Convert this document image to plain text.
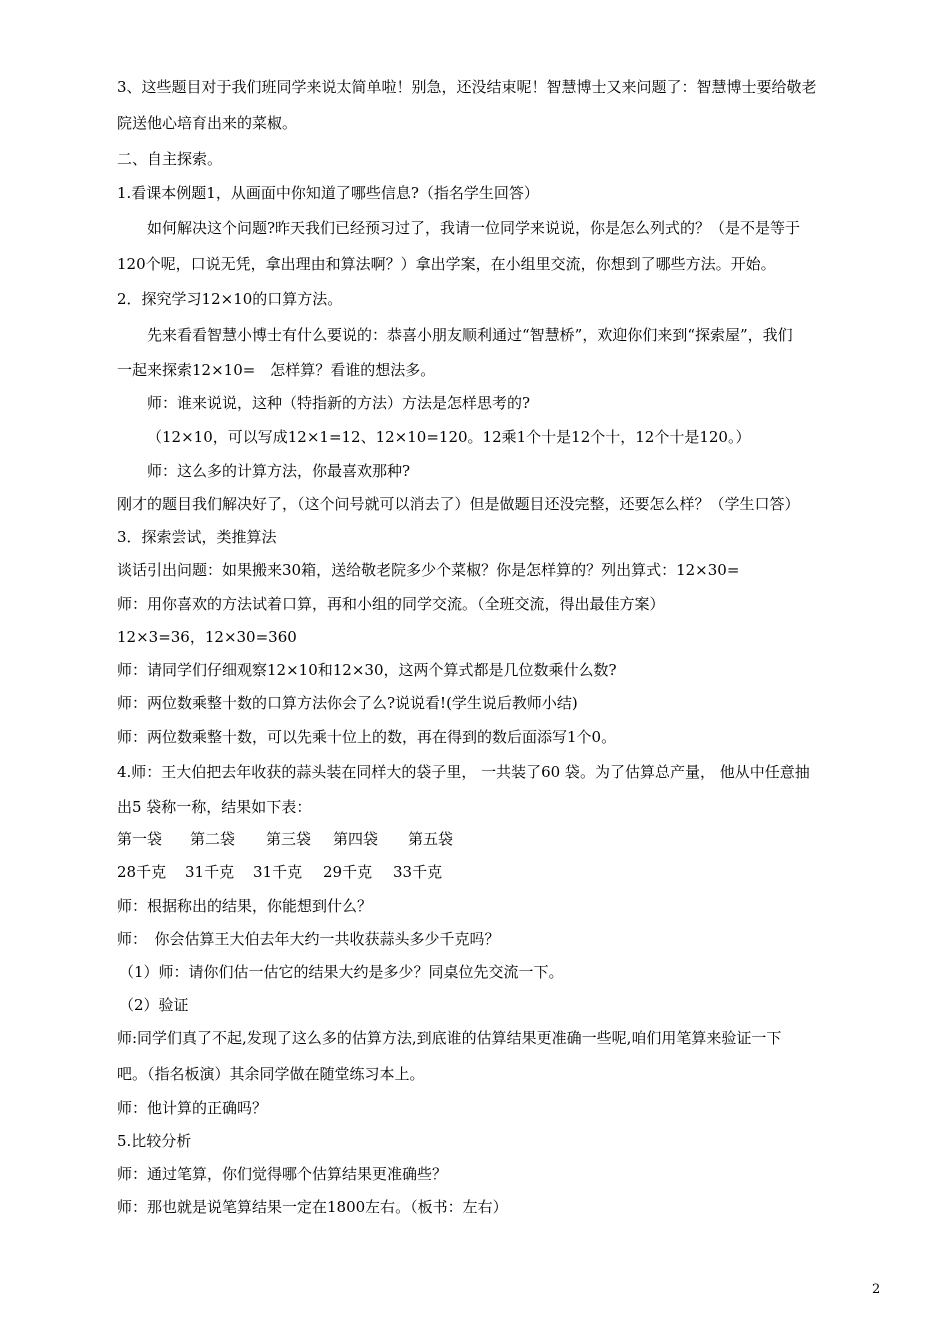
3、这些题目对于我们班同学来说太简单啦！别急，还没结束呢！智慧博士又来问题了：智慧博士要给敬老
院送他心培育出来的菜椒。
二、自主探索。
1.看课本例题1，从画面中你知道了哪些信息?（指名学生回答）
如何解决这个问题?昨天我们已经预习过了，我请一位同学来说说，你是怎么列式的？（是不是等于
120个呢，口说无凭，拿出理由和算法啊？）拿出学案，在小组里交流，你想到了哪些方法。开始。
2．探究学习12×10的口算方法。
先来看看智慧小博士有什么要说的：恭喜小朋友顺利通过“智慧桥”，欢迎你们来到“探索屋”，我们
一起来探索12×10=　怎样算？看谁的想法多。
师：谁来说说，这种（特指新的方法）方法是怎样思考的?
（12×10，可以写成12×1=12、12×10=120。12乘1个十是12个十，12个十是120。）
师：这么多的计算方法，你最喜欢那种?
刚才的题目我们解决好了，（这个问号就可以消去了）但是做题目还没完整，还要怎么样？（学生口答）
3．探索尝试，类推算法
谈话引出问题：如果搬来30箱，送给敬老院多少个菜椒？你是怎样算的？列出算式：12×30=
师：用你喜欢的方法试着口算，再和小组的同学交流。（全班交流，得出最佳方案）
12×3=36，12×30=360
师：请同学们仔细观察12×10和12×30，这两个算式都是几位数乘什么数?
师：两位数乘整十数的口算方法你会了么?说说看!(学生说后教师小结)
师：两位数乘整十数，可以先乘十位上的数，再在得到的数后面添写1个0。
4.师：王大伯把去年收获的蒜头装在同样大的袋子里， 一共装了60 袋。为了估算总产量， 他从中任意抽
出5 袋称一称，结果如下表：
第一袋 第二袋 第三袋 第四袋 第五袋
28千克 31千克 31千克 29千克 33千克
师：根据称出的结果，你能想到什么？
师：　你会估算王大伯去年大约一共收获蒜头多少千克吗？
（1）师：请你们估一估它的结果大约是多少？同桌位先交流一下。
（2）验证
师:同学们真了不起,发现了这么多的估算方法,到底谁的估算结果更准确一些呢,咱们用笔算来验证一下
吧。（指名板演）其余同学做在随堂练习本上。
师：他计算的正确吗？
5.比较分析
师：通过笔算，你们觉得哪个估算结果更准确些？
师：那也就是说笔算结果一定在1800左右。（板书：左右）
2
